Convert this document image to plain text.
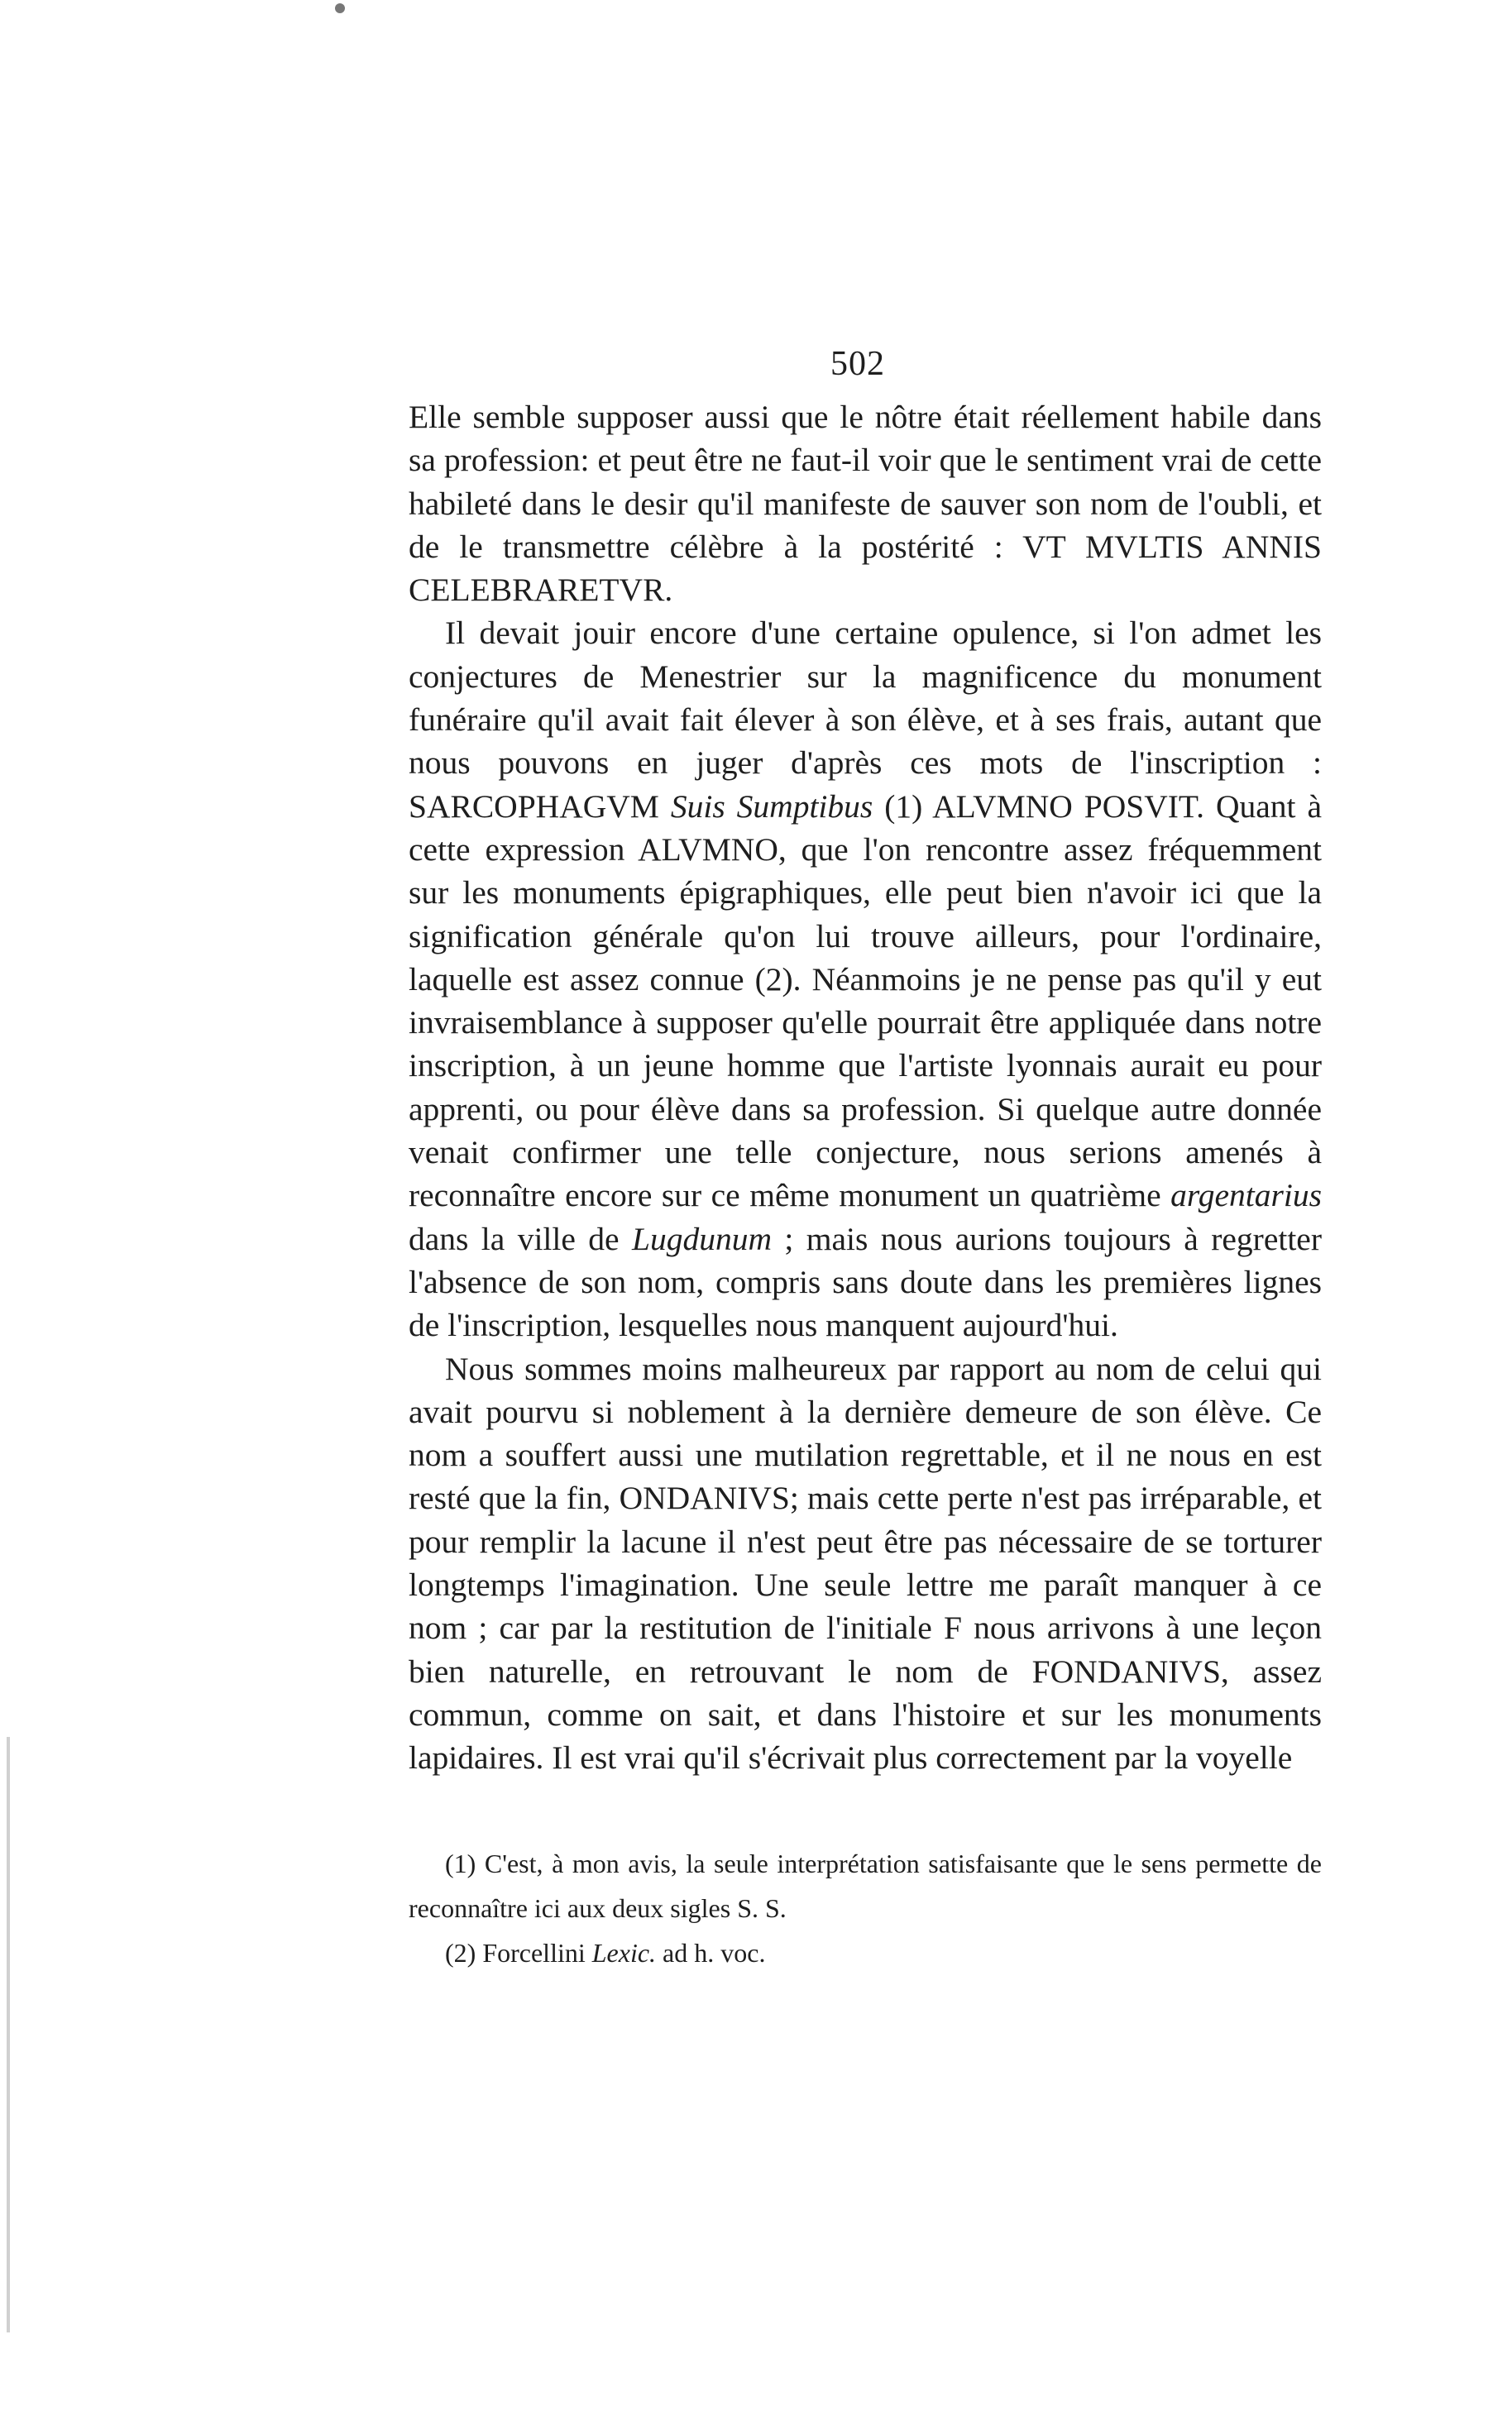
502

Elle semble supposer aussi que le nôtre était réellement habile dans sa profession: et peut être ne faut-il voir que le sentiment vrai de cette habileté dans le desir qu'il manifeste de sauver son nom de l'oubli, et de le transmettre célèbre à la postérité : VT MVLTIS ANNIS CELEBRARETVR.

Il devait jouir encore d'une certaine opulence, si l'on admet les conjectures de Menestrier sur la magnificence du monument funéraire qu'il avait fait élever à son élève, et à ses frais, autant que nous pouvons en juger d'après ces mots de l'inscription : SARCOPHAGVM Suis Sumptibus (1) ALVMNO POSVIT. Quant à cette expression ALVMNO, que l'on rencontre assez fréquemment sur les monuments épigraphiques, elle peut bien n'avoir ici que la signification générale qu'on lui trouve ailleurs, pour l'ordinaire, laquelle est assez connue (2). Néanmoins je ne pense pas qu'il y eut invraisemblance à supposer qu'elle pourrait être appliquée dans notre inscription, à un jeune homme que l'artiste lyonnais aurait eu pour apprenti, ou pour élève dans sa profession. Si quelque autre donnée venait confirmer une telle conjecture, nous serions amenés à reconnaître encore sur ce même monument un quatrième argentarius dans la ville de Lugdunum ; mais nous aurions toujours à regretter l'absence de son nom, compris sans doute dans les premières lignes de l'inscription, lesquelles nous manquent aujourd'hui.

Nous sommes moins malheureux par rapport au nom de celui qui avait pourvu si noblement à la dernière demeure de son élève. Ce nom a souffert aussi une mutilation regrettable, et il ne nous en est resté que la fin, ONDANIVS; mais cette perte n'est pas irréparable, et pour remplir la lacune il n'est peut être pas nécessaire de se torturer longtemps l'imagination. Une seule lettre me paraît manquer à ce nom ; car par la restitution de l'initiale F nous arrivons à une leçon bien naturelle, en retrouvant le nom de FONDANIVS, assez commun, comme on sait, et dans l'histoire et sur les monuments lapidaires. Il est vrai qu'il s'écrivait plus correctement par la voyelle

(1) C'est, à mon avis, la seule interprétation satisfaisante que le sens permette de reconnaître ici aux deux sigles S. S.

(2) Forcellini Lexic. ad h. voc.
